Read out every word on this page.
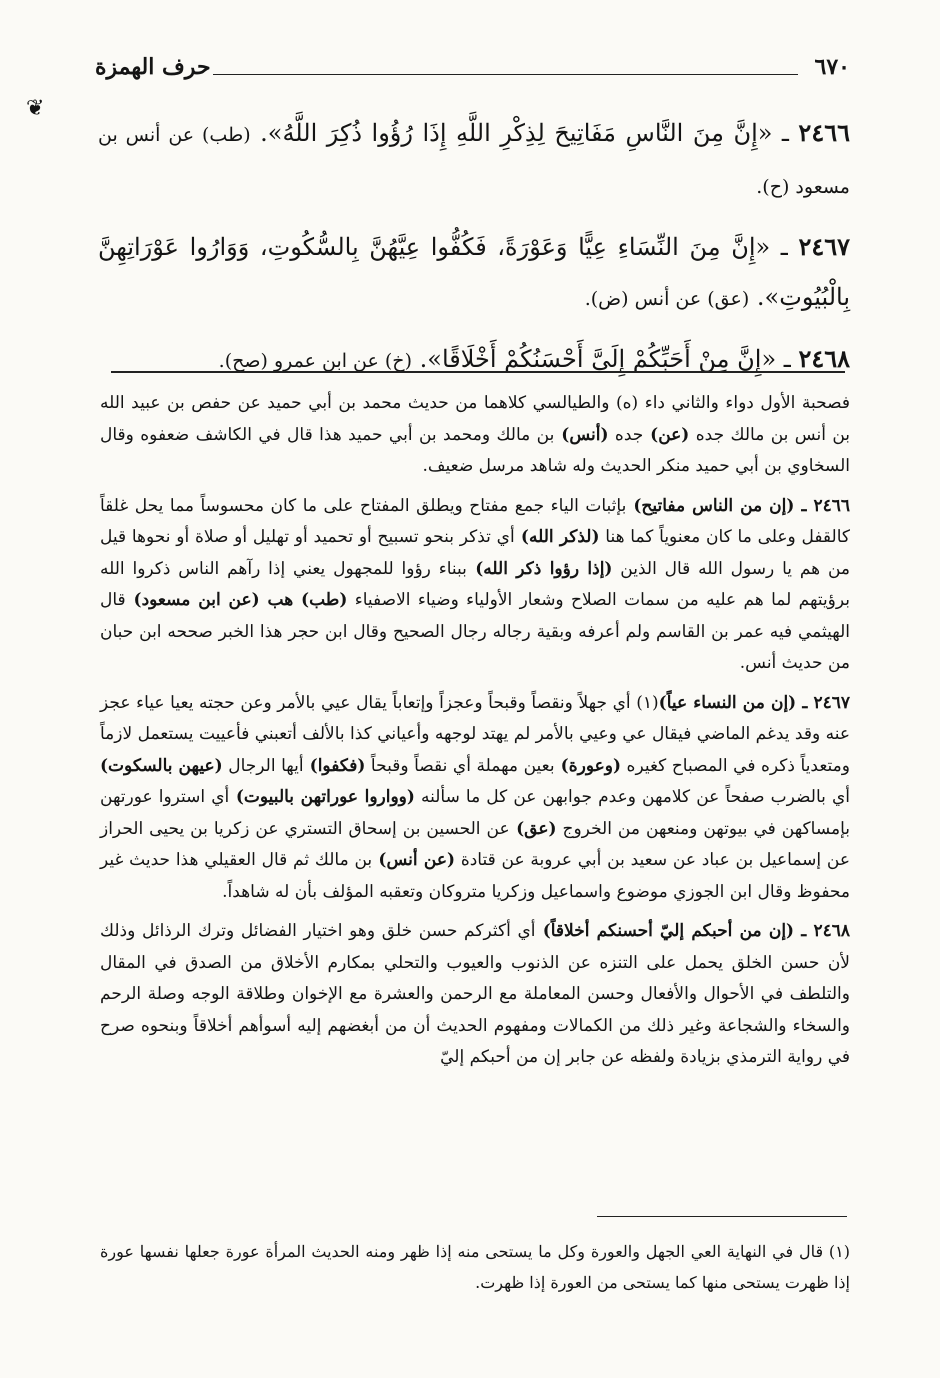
حرف الهمزة	٦٧٠
❦

٢٤٦٦ ـ «إِنَّ مِنَ النَّاسِ مَفَاتِيحَ لِذِكْرِ اللَّهِ إِذَا رُؤُوا ذُكِرَ اللَّهُ». (طب) عن أنس بن مسعود (ح).

٢٤٦٧ ـ «إِنَّ مِنَ النِّسَاءِ عِيًّا وَعَوْرَةً، فَكُفُّوا عِيَّهُنَّ بِالسُّكُوتِ، وَوَارُوا عَوْرَاتِهِنَّ بِالْبُيُوتِ». (عق) عن أنس (ض).

٢٤٦٨ ـ «إِنَّ مِنْ أَحَبِّكُمْ إِلَيَّ أَحْسَنُكُمْ أَخْلَاقًا». (خ) عن ابن عمرو (صح).

فصحبة الأول دواء والثاني داء (ه) والطيالسي كلاهما من حديث محمد بن أبي حميد عن حفص بن عبيد الله بن أنس بن مالك جده (عن) جده (أنس) بن مالك ومحمد بن أبي حميد هذا قال في الكاشف ضعفوه وقال السخاوي بن أبي حميد منكر الحديث وله شاهد مرسل ضعيف.

٢٤٦٦ ـ (إن من الناس مفاتيح) بإثبات الياء جمع مفتاح ويطلق المفتاح على ما كان محسوساً مما يحل غلقاً كالقفل وعلى ما كان معنوياً كما هنا (لذكر الله) أي تذكر بنحو تسبيح أو تحميد أو تهليل أو صلاة أو نحوها قيل من هم يا رسول الله قال الذين (إذا رؤوا ذكر الله) ببناء رؤوا للمجهول يعني إذا رآهم الناس ذكروا الله برؤيتهم لما هم عليه من سمات الصلاح وشعار الأولياء وضياء الاصفياء (طب) هب (عن ابن مسعود) قال الهيثمي فيه عمر بن القاسم ولم أعرفه وبقية رجاله رجال الصحيح وقال ابن حجر هذا الخبر صححه ابن حبان من حديث أنس.

٢٤٦٧ ـ (إن من النساء عياً)(١) أي جهلاً ونقصاً وقبحاً وعجزاً وإتعاباً يقال عيي بالأمر وعن حجته يعيا عياء عجز عنه وقد يدغم الماضي فيقال عي وعيي بالأمر لم يهتد لوجهه وأعياني كذا بالألف أتعبني فأعييت يستعمل لازماً ومتعدياً ذكره في المصباح كغيره (وعورة) بعين مهملة أي نقصاً وقبحاً (فكفوا) أيها الرجال (عيهن بالسكوت) أي بالضرب صفحاً عن كلامهن وعدم جوابهن عن كل ما سألنه (وواروا عوراتهن بالبيوت) أي استروا عورتهن بإمساكهن في بيوتهن ومنعهن من الخروج (عق) عن الحسين بن إسحاق التستري عن زكريا بن يحيى الحراز عن إسماعيل بن عباد عن سعيد بن أبي عروبة عن قتادة (عن أنس) بن مالك ثم قال العقيلي هذا حديث غير محفوظ وقال ابن الجوزي موضوع واسماعيل وزكريا متروكان وتعقبه المؤلف بأن له شاهداً.

٢٤٦٨ ـ (إن من أحبكم إليّ أحسنكم أخلاقاً) أي أكثركم حسن خلق وهو اختيار الفضائل وترك الرذائل وذلك لأن حسن الخلق يحمل على التنزه عن الذنوب والعيوب والتحلي بمكارم الأخلاق من الصدق في المقال والتلطف في الأحوال والأفعال وحسن المعاملة مع الرحمن والعشرة مع الإخوان وطلاقة الوجه وصلة الرحم والسخاء والشجاعة وغير ذلك من الكمالات ومفهوم الحديث أن من أبغضهم إليه أسوأهم أخلاقاً وبنحوه صرح في رواية الترمذي بزيادة ولفظه عن جابر إن من أحبكم إليّ

(١) قال في النهاية العي الجهل والعورة وكل ما يستحى منه إذا ظهر ومنه الحديث المرأة عورة جعلها نفسها عورة إذا ظهرت يستحى منها كما يستحى من العورة إذا ظهرت.
